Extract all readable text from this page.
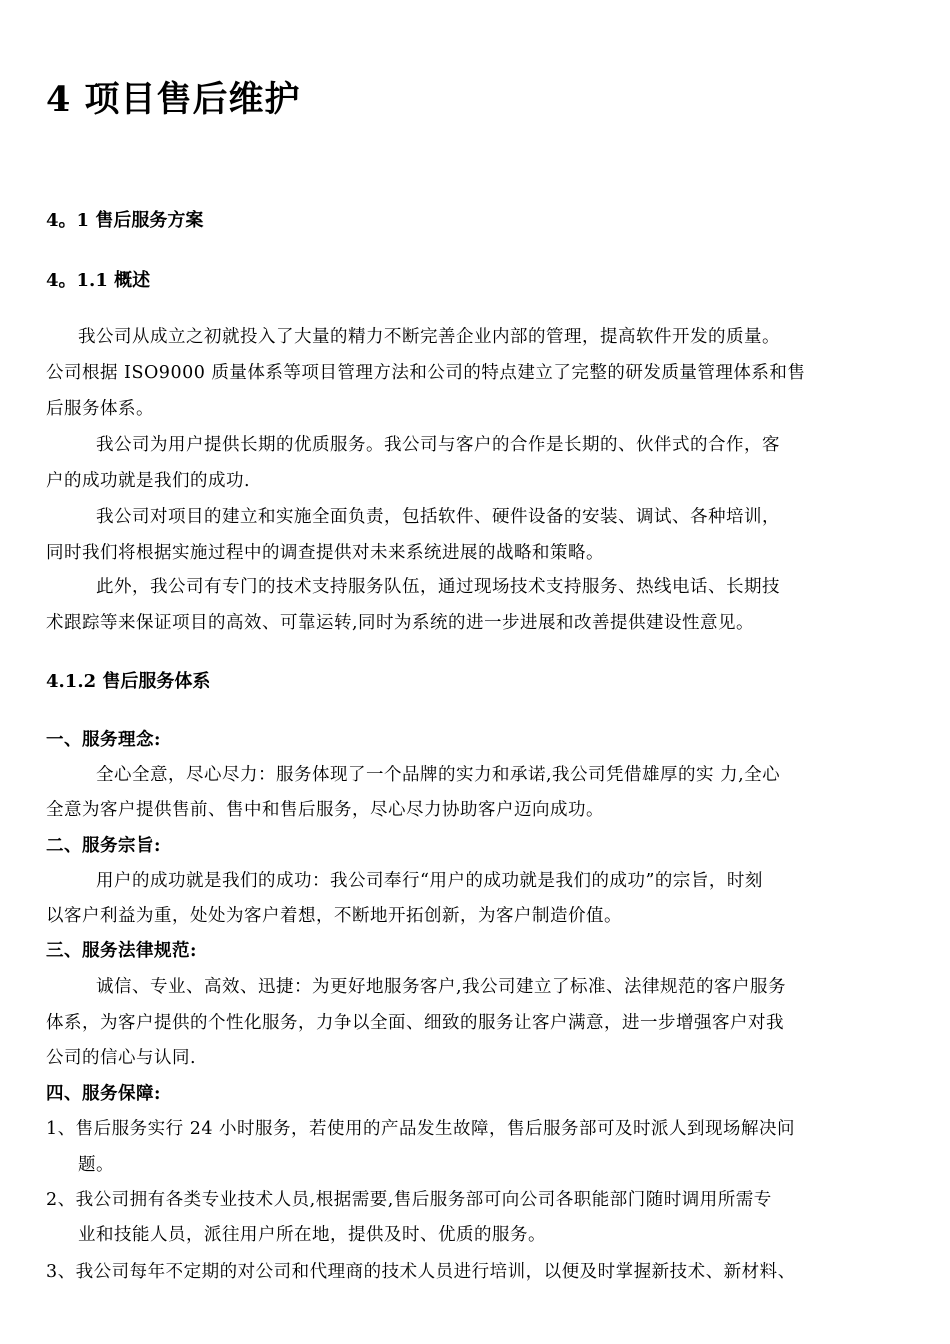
4 项目售后维护
4。1 售后服务方案
4。1.1 概述
我公司从成立之初就投入了大量的精力不断完善企业内部的管理，提高软件开发的质量。
公司根据 ISO9000 质量体系等项目管理方法和公司的特点建立了完整的研发质量管理体系和售
后服务体系。
我公司为用户提供长期的优质服务。我公司与客户的合作是长期的、伙伴式的合作，客
户的成功就是我们的成功.
我公司对项目的建立和实施全面负责，包括软件、硬件设备的安装、调试、各种培训，
同时我们将根据实施过程中的调查提供对未来系统进展的战略和策略。
此外，我公司有专门的技术支持服务队伍，通过现场技术支持服务、热线电话、长期技
术跟踪等来保证项目的高效、可靠运转,同时为系统的进一步进展和改善提供建设性意见。
4.1.2 售后服务体系
一、服务理念:
全心全意，尽心尽力：服务体现了一个品牌的实力和承诺,我公司凭借雄厚的实 力,全心
全意为客户提供售前、售中和售后服务，尽心尽力协助客户迈向成功。
二、服务宗旨:
用户的成功就是我们的成功：我公司奉行“用户的成功就是我们的成功”的宗旨，时刻
以客户利益为重，处处为客户着想，不断地开拓创新，为客户制造价值。
三、服务法律规范:
诚信、专业、高效、迅捷：为更好地服务客户,我公司建立了标准、法律规范的客户服务
体系，为客户提供的个性化服务，力争以全面、细致的服务让客户满意，进一步增强客户对我
公司的信心与认同.
四、服务保障:
1、售后服务实行 24 小时服务，若使用的产品发生故障，售后服务部可及时派人到现场解决问
题。
2、我公司拥有各类专业技术人员,根据需要,售后服务部可向公司各职能部门随时调用所需专
业和技能人员，派往用户所在地，提供及时、优质的服务。
3、我公司每年不定期的对公司和代理商的技术人员进行培训，以便及时掌握新技术、新材料、
